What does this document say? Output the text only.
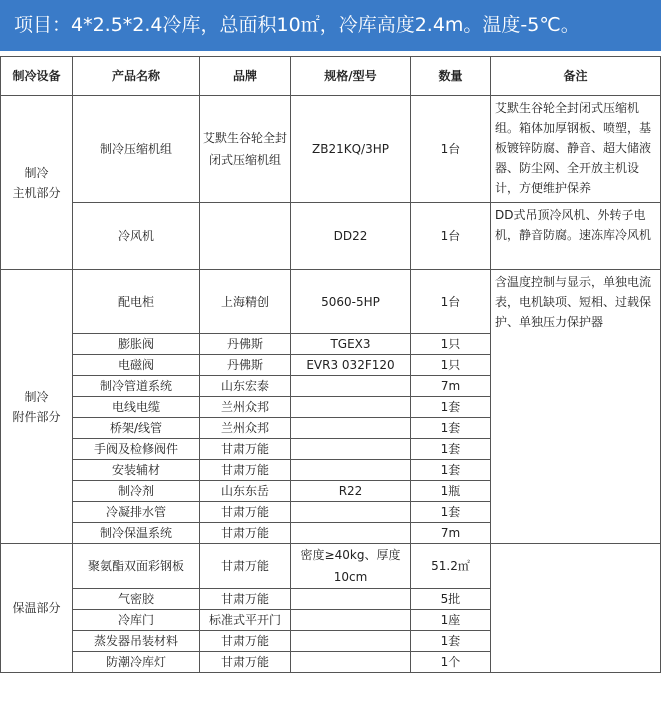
项目：4*2.5*2.4冷库，总面积10㎡，冷库高度2.4m。温度-5℃。
制冷设备	产品名称	品牌	规格/型号	数量	备注

制冷
主机部分	制冷压缩机组	艾默生谷轮全封闭式压缩机组	ZB21KQ/3HP	1台	艾默生谷轮全封闭式压缩机组。箱体加厚钢板、喷塑，基板镀锌防腐、静音、超大储液器、防尘网、全开放主机设计，方便维护保养
	冷风机		DD22	1台	DD式吊顶冷风机、外转子电机，静音防腐。速冻库冷风机

制冷
附件部分	配电柜	上海精创	5060-5HP	1台	含温度控制与显示，单独电流表，电机缺项、短相、过载保护、单独压力保护器

	膨胀阀	丹佛斯	TGEX3	1只	
	电磁阀	丹佛斯	EVR3 032F120	1只	
	制冷管道系统	山东宏泰		7m	
	电线电缆	兰州众邦		1套	
	桥架/线管	兰州众邦		1套	
	手阀及检修阀件	甘肃万能		1套	
	安装辅材	甘肃万能		1套	
	制冷剂	山东东岳	R22	1瓶	
	冷凝排水管	甘肃万能		1套	
	制冷保温系统	甘肃万能		7m	
保温部分	聚氨酯双面彩钢板	甘肃万能	密度≥40kg、厚度10cm	51.2㎡	
	气密胶	甘肃万能		5批	
	冷库门	标准式平开门		1座	
	蒸发器吊装材料	甘肃万能		1套	
	防潮冷库灯	甘肃万能		1个	
